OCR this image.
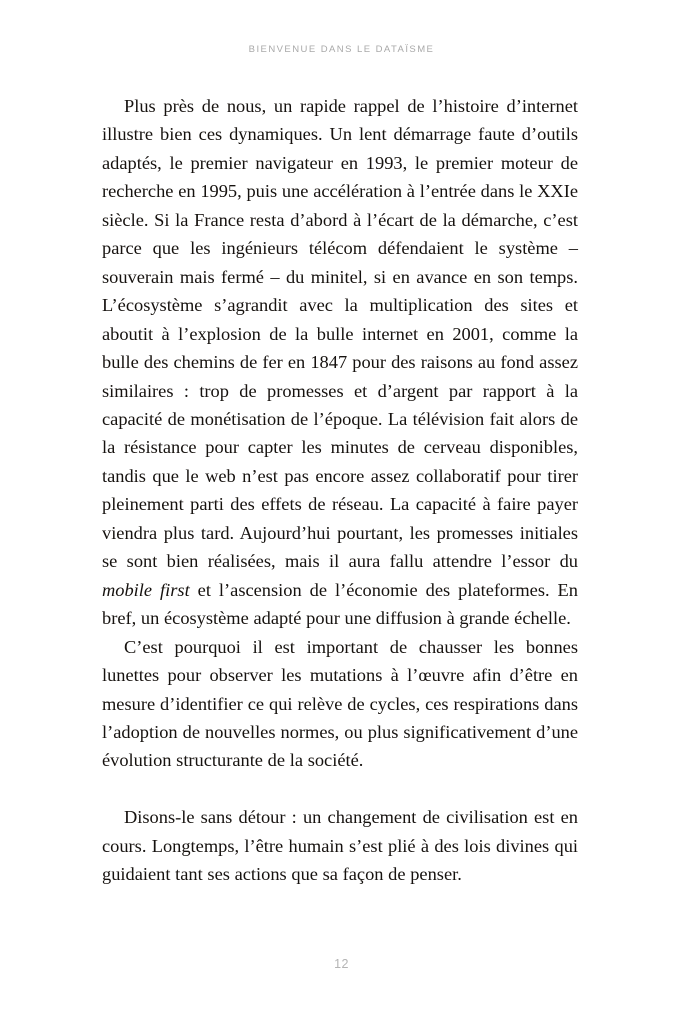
BIENVENUE DANS LE DATAÏSME

Plus près de nous, un rapide rappel de l’histoire d’internet illustre bien ces dynamiques. Un lent démarrage faute d’outils adaptés, le premier navigateur en 1993, le premier moteur de recherche en 1995, puis une accélération à l’entrée dans le XXIe siècle. Si la France resta d’abord à l’écart de la démarche, c’est parce que les ingénieurs télécom défendaient le système – souverain mais fermé – du minitel, si en avance en son temps. L’écosystème s’agrandit avec la multiplication des sites et aboutit à l’explosion de la bulle internet en 2001, comme la bulle des chemins de fer en 1847 pour des raisons au fond assez similaires : trop de promesses et d’argent par rapport à la capacité de monétisation de l’époque. La télévision fait alors de la résistance pour capter les minutes de cerveau disponibles, tandis que le web n’est pas encore assez collaboratif pour tirer pleinement parti des effets de réseau. La capacité à faire payer viendra plus tard. Aujourd’hui pourtant, les promesses initiales se sont bien réalisées, mais il aura fallu attendre l’essor du mobile first et l’ascension de l’économie des plateformes. En bref, un écosystème adapté pour une diffusion à grande échelle.

C’est pourquoi il est important de chausser les bonnes lunettes pour observer les mutations à l’œuvre afin d’être en mesure d’identifier ce qui relève de cycles, ces respirations dans l’adoption de nouvelles normes, ou plus significativement d’une évolution structurante de la société.

Disons-le sans détour : un changement de civilisation est en cours. Longtemps, l’être humain s’est plié à des lois divines qui guidaient tant ses actions que sa façon de penser.

12
